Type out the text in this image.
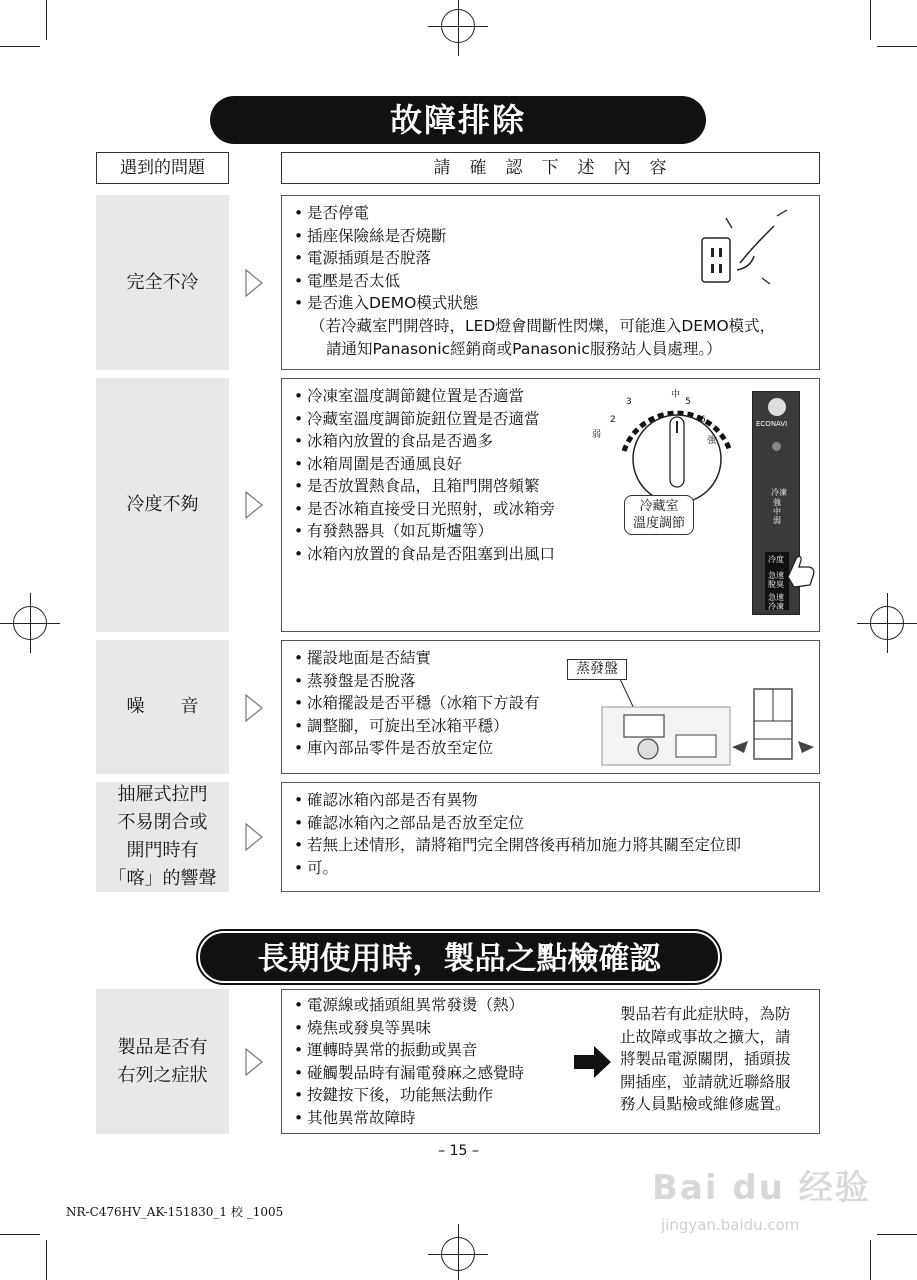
故障排除
遇到的問題	請確認下述內容
完全不冷
• 是否停電
• 插座保險絲是否燒斷
• 電源插頭是否脫落
• 電壓是否太低
• 是否進入DEMO模式狀態
（若冷藏室門開啓時，LED燈會間斷性閃爍，可能進入DEMO模式，
請通知Panasonic經銷商或Panasonic服務站人員處理。）
冷度不夠
• 冷凍室溫度調節鍵位置是否適當
• 冷藏室溫度調節旋鈕位置是否適當
• 冰箱內放置的食品是否過多
• 冰箱周圍是否通風良好
• 是否放置熱食品，且箱門開啓頻繁
• 是否冰箱直接受日光照射，或冰箱旁
• 有發熱器具（如瓦斯爐等）
• 冰箱內放置的食品是否阻塞到出風口
弱
2
3
中
5
6
強
冷藏室
溫度調節
ECONAVI
冷凍
強
中
弱
冷度
急速
脫臭
急速
冷凍
噪　　音
• 擺設地面是否結實
• 蒸發盤是否脫落
• 冰箱擺設是否平穩（冰箱下方設有
• 調整腳，可旋出至冰箱平穩）
• 庫內部品零件是否放至定位
蒸發盤
抽屜式拉門
不易閉合或
開門時有
「喀」的響聲
• 確認冰箱內部是否有異物
• 確認冰箱內之部品是否放至定位
• 若無上述情形，請將箱門完全開啓後再稍加施力將其關至定位即
• 可。
長期使用時，製品之點檢確認
製品是否有
右列之症狀
• 電源線或插頭組異常發燙（熱）
• 燒焦或發臭等異味
• 運轉時異常的振動或異音
• 碰觸製品時有漏電發麻之感覺時
• 按鍵按下後，功能無法動作
• 其他異常故障時
製品若有此症狀時，為防
止故障或事故之擴大，請
將製品電源關閉，插頭拔
開插座，並請就近聯絡服
務人員點檢或維修處置。
– 15 –
NR-C476HV_AK-151830_1 校 _1005
Bai du 经验
jingyan.baidu.com
